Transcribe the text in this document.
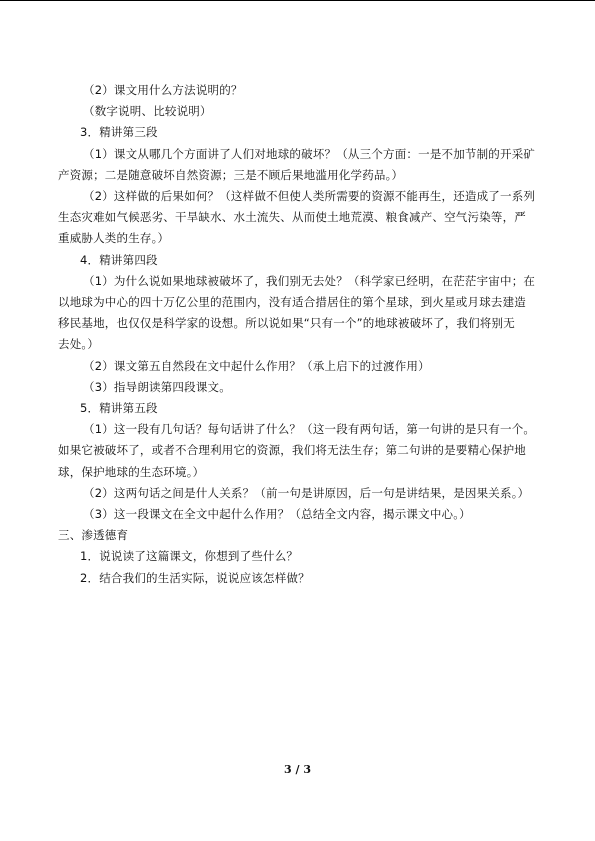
（2）课文用什么方法说明的？
（数字说明、比较说明）
3．精讲第三段
（1）课文从哪几个方面讲了人们对地球的破坏？（从三个方面：一是不加节制的开采矿
产资源；二是随意破坏自然资源；三是不顾后果地滥用化学药品。）
（2）这样做的后果如何？（这样做不但使人类所需要的资源不能再生，还造成了一系列
生态灾难如气候恶劣、干旱缺水、水土流失、从而使土地荒漠、粮食减产、空气污染等，严
重威胁人类的生存。）
4．精讲第四段
（1）为什么说如果地球被破坏了，我们别无去处？（科学家已经明，在茫茫宇宙中；在
以地球为中心的四十万亿公里的范围内，没有适合措居住的第个星球，到火星或月球去建造
移民基地，也仅仅是科学家的设想。所以说如果“只有一个”的地球被破坏了，我们将别无
去处。）
（2）课文第五自然段在文中起什么作用？（承上启下的过渡作用）
（3）指导朗读第四段课文。
5．精讲第五段
（1）这一段有几句话？每句话讲了什么？（这一段有两句话，第一句讲的是只有一个。
如果它被破坏了，或者不合理利用它的资源，我们将无法生存；第二句讲的是要精心保护地
球，保护地球的生态环境。）
（2）这两句话之间是什人关系？（前一句是讲原因，后一句是讲结果，是因果关系。）
（3）这一段课文在全文中起什么作用？（总结全文内容，揭示课文中心。）
三、渗透德育
1．说说读了这篇课文，你想到了些什么？
2．结合我们的生活实际，说说应该怎样做？
3 / 3
